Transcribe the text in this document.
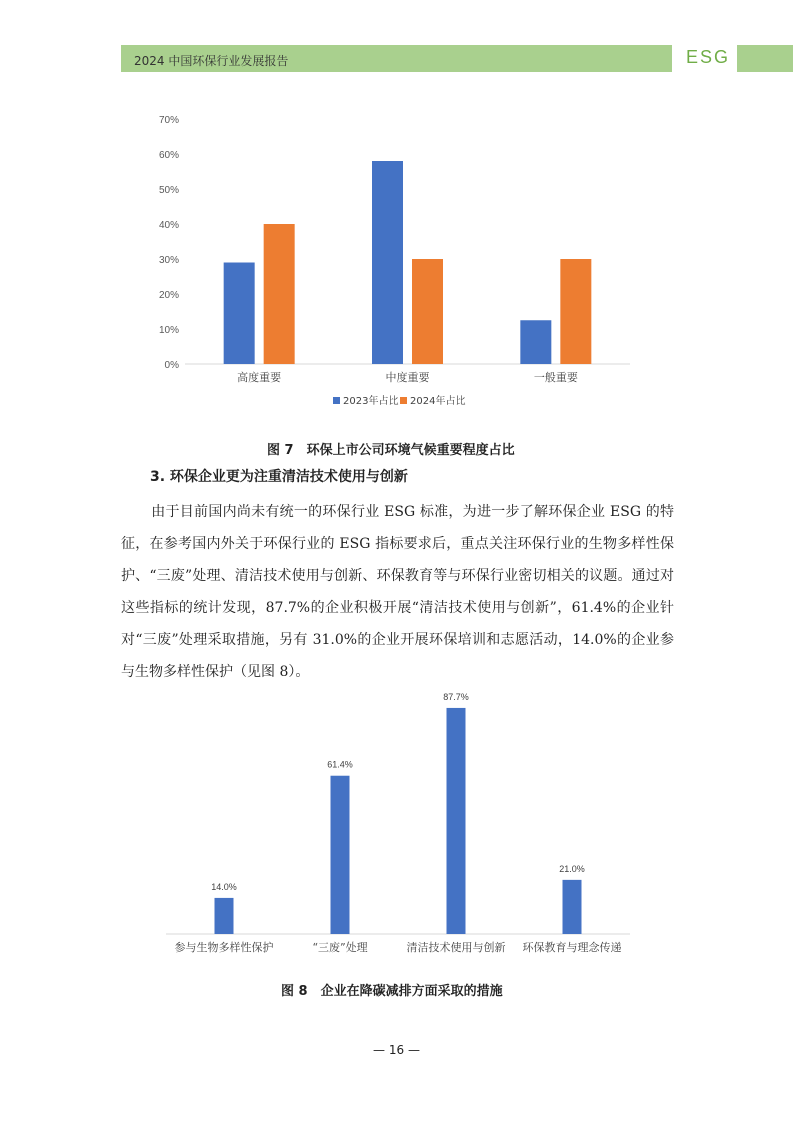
2024 中国环保行业发展报告	ESG
0%
10%
20%
30%
40%
50%
60%
70%
高度重要	中度重要	一般重要
2023年占比 2024年占比
图 7　环保上市公司环境气候重要程度占比
3. 环保企业更为注重清洁技术使用与创新
由于目前国内尚未有统一的环保行业 ESG 标准，为进一步了解环保企业 ESG 的特征，在参考国内外关于环保行业的 ESG 指标要求后，重点关注环保行业的生物多样性保护、“三废”处理、清洁技术使用与创新、环保教育等与环保行业密切相关的议题。通过对这些指标的统计发现，87.7%的企业积极开展“清洁技术使用与创新”，61.4%的企业针对“三废”处理采取措施，另有 31.0%的企业开展环保培训和志愿活动，14.0%的企业参与生物多样性保护（见图 8）。
14.0%
参与生物多样性保护
61.4%
“三废”处理
87.7%
清洁技术使用与创新
21.0%
环保教育与理念传递
图 8　企业在降碳减排方面采取的措施
— 16 —
